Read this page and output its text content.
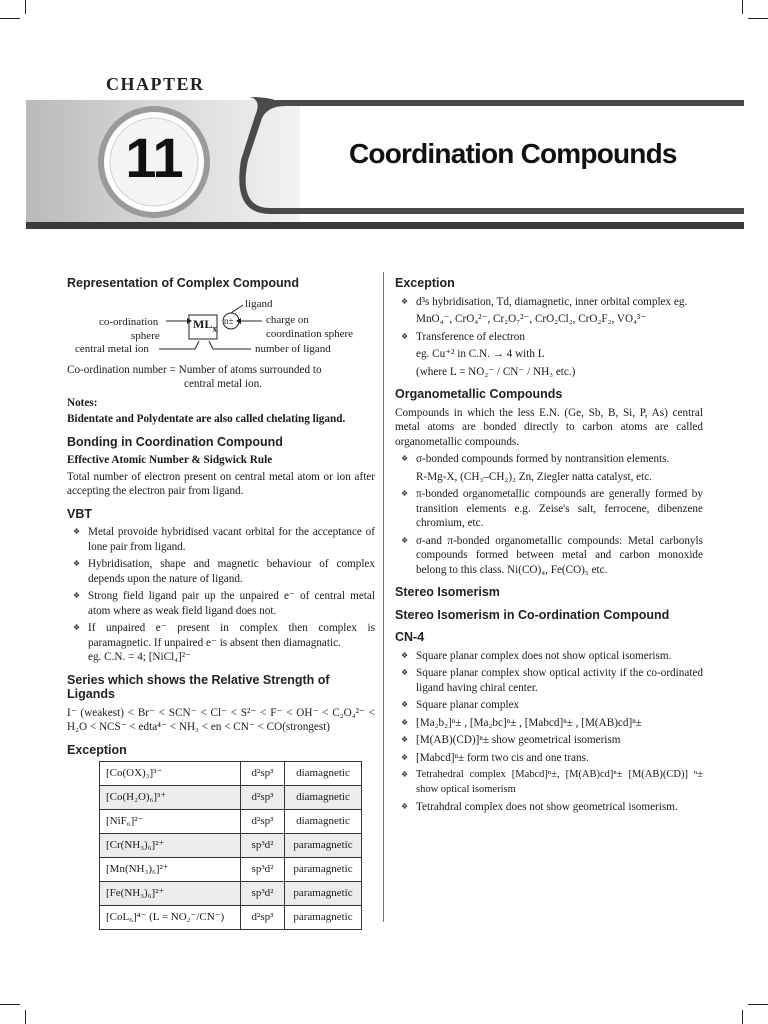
CHAPTER
11	Coordination Compounds
Representation of Complex Compound
ligand
co-ordination
sphere
$ML_x$
n±	charge on
coordination sphere
central metal ion	number of ligand
Co-ordination number = Number of atoms surrounded to
central metal ion.
Notes:
Bidentate and Polydentate are also called chelating ligand.
Bonding in Coordination Compound
Effective Atomic Number & Sidgwick Rule
Total number of electron present on central metal atom or ion after accepting the electron pair from ligand.
VBT
❖ Metal provoide hybridised vacant orbital for the acceptance of lone pair from ligand.
❖ Hybridisation, shape and magnetic behaviour of complex depends upon the nature of ligand.
❖ Strong field ligand pair up the unpaired e⁻ of central metal atom where as weak field ligand does not.
❖ If unpaired e⁻ present in complex then complex is paramagnetic. If unpaired e⁻ is absent then diamagnatic.
eg. C.N. = 4; [NiCl₄]²⁻
Series which shows the Relative Strength of Ligands
I⁻ (weakest) < Br⁻ < SCN⁻ < Cl⁻ < S²⁻ < F⁻ < OH⁻ < C₂O₄²⁻ < H₂O < NCS⁻ < edta⁴⁻ < NH₃ < en < CN⁻ < CO(strongest)
Exception
[Co(OX)₃]³⁻	d²sp³	diamagnetic
[Co(H₂O)₆]³⁺	d²sp³	diamagnetic
[NiF₆]²⁻	d²sp³	diamagnetic
[Cr(NH₃)₆]²⁺	sp³d²	paramagnetic
[Mn(NH₃)₆]²⁺	sp³d²	paramagnetic
[Fe(NH₃)₆]²⁺	sp³d²	paramagnetic
[CoL₆]⁴⁻ (L = NO₂⁻/CN⁻)	d²sp³	paramagnetic
Exception
❖ d³s hybridisation, Td, diamagnetic, inner orbital complex eg.
MnO₄⁻, CrO₄²⁻, Cr₂O₇²⁻, CrO₂Cl₂, CrO₂F₂, VO₄³⁻
❖ Transference of electron
eg. Cu⁺² in C.N. → 4 with L
(where L = NO₂⁻ / CN⁻ / NH₃ etc.)
Organometallic Compounds
Compounds in which the less E.N. (Ge, Sb, B, Si, P, As) central metal atoms are bonded directly to carbon atoms are called organometallic compounds.
❖ σ-bonded compounds formed by nontransition elements.
R-Mg-X, (CH₃–CH₂)₂ Zn, Ziegler natta catalyst, etc.
❖ π-bonded organometallic compounds are generally formed by transition elements e.g. Zeise's salt, ferrocene, dibenzene chromium, etc.
❖ σ-and π-bonded organometallic compounds: Metal carbonyls compounds formed between metal and carbon monoxide belong to this class. Ni(CO)₄, Fe(CO)₅ etc.
Stereo Isomerism
Stereo Isomerism in Co-ordination Compound
CN-4
❖ Square planar complex does not show optical isomerism.
❖ Square planar complex show optical activity if the co-ordinated ligand having chiral center.
❖ Square planar complex
❖ [Ma₂b₂]ⁿ± , [Ma₂bc]ⁿ± , [Mabcd]ⁿ± , [M(AB)cd]ⁿ±
❖ [M(AB)(CD)]ⁿ± show geometrical isomerism
❖ [Mabcd]ⁿ± form two cis and one trans.
❖ Tetrahedral complex [Mabcd]ⁿ±, [M(AB)cd]ⁿ± [M(AB)(CD)] ⁿ± show optical isomerism
❖ Tetrahdral complex does not show geometrical isomerism.
